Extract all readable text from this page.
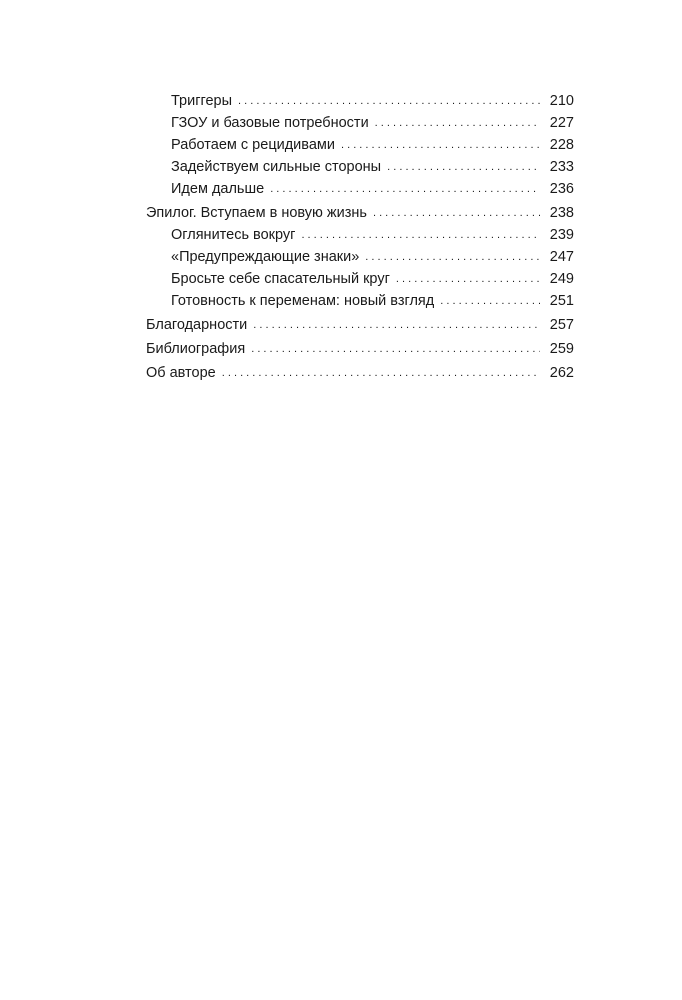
Триггеры . . .	210
ГЗОУ и базовые потребности . . .	227
Работаем с рецидивами . . .	228
Задействуем сильные стороны . . .	233
Идем дальше . . .	236
Эпилог. Вступаем в новую жизнь . . .	238
Оглянитесь вокруг . . .	239
«Предупреждающие знаки» . . .	247
Бросьте себе спасательный круг . . .	249
Готовность к переменам: новый взгляд . . .	251
Благодарности . . .	257
Библиография . . .	259
Об авторе . . .	262
